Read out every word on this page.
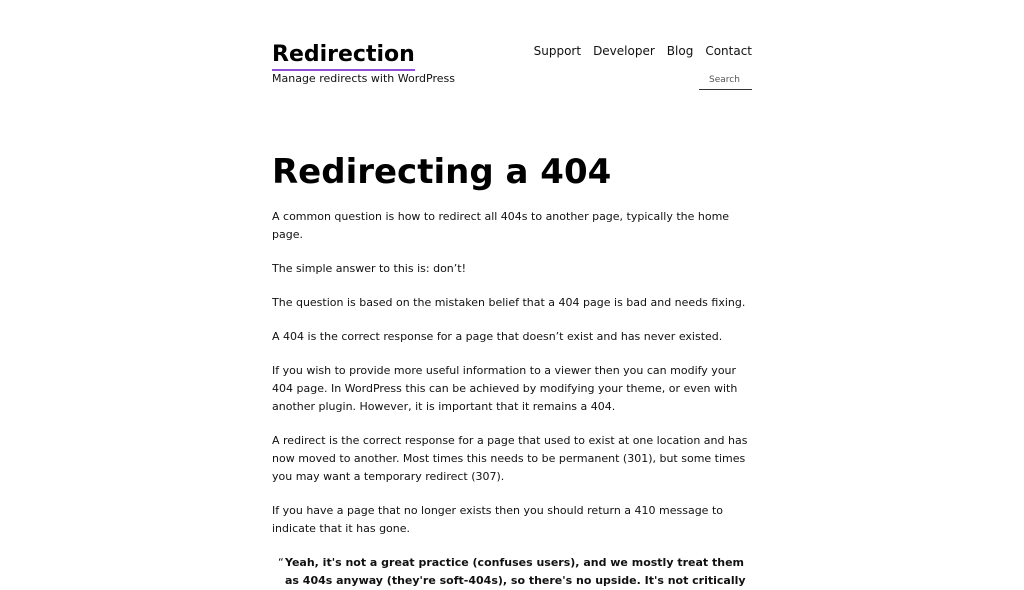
Redirection
Manage redirects with WordPress
Support Developer Blog Contact
Search
Redirecting a 404

A common question is how to redirect all 404s to another page, typically the home page.

The simple answer to this is: don’t!

The question is based on the mistaken belief that a 404 page is bad and needs fixing.

A 404 is the correct response for a page that doesn’t exist and has never existed.

If you wish to provide more useful information to a viewer then you can modify your 404 page. In WordPress this can be achieved by modifying your theme, or even with another plugin. However, it is important that it remains a 404.

A redirect is the correct response for a page that used to exist at one location and has now moved to another. Most times this needs to be permanent (301), but some times you may want a temporary redirect (307).

If you have a page that no longer exists then you should return a 410 message to indicate that it has gone.

“ Yeah, it's not a great practice (confuses users), and we mostly treat them as 404s anyway (they're soft-404s), so there's no upside. It's not critically
